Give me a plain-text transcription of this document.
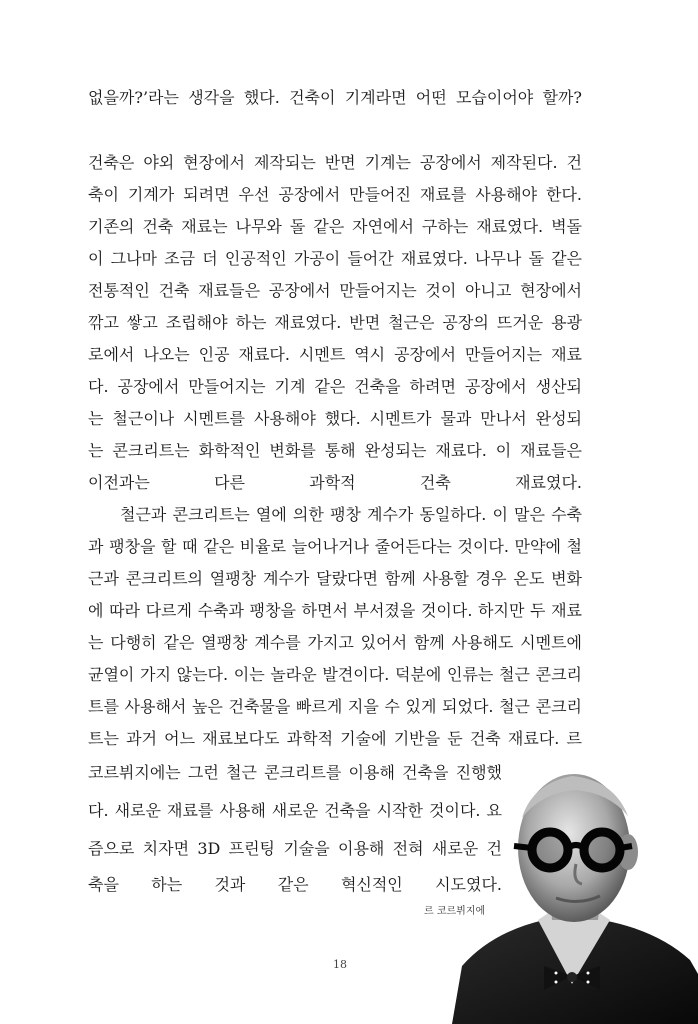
없을까?’라는 생각을 했다. 건축이 기계라면 어떤 모습이어야 할까?

건축은 야외 현장에서 제작되는 반면 기계는 공장에서 제작된다. 건

축이 기계가 되려면 우선 공장에서 만들어진 재료를 사용해야 한다.

기존의 건축 재료는 나무와 돌 같은 자연에서 구하는 재료였다. 벽돌

이 그나마 조금 더 인공적인 가공이 들어간 재료였다. 나무나 돌 같은

전통적인 건축 재료들은 공장에서 만들어지는 것이 아니고 현장에서

깎고 쌓고 조립해야 하는 재료였다. 반면 철근은 공장의 뜨거운 용광

로에서 나오는 인공 재료다. 시멘트 역시 공장에서 만들어지는 재료

다. 공장에서 만들어지는 기계 같은 건축을 하려면 공장에서 생산되

는 철근이나 시멘트를 사용해야 했다. 시멘트가 물과 만나서 완성되

는 콘크리트는 화학적인 변화를 통해 완성되는 재료다. 이 재료들은

이전과는 다른 과학적 건축 재료였다.

철근과 콘크리트는 열에 의한 팽창 계수가 동일하다. 이 말은 수축

과 팽창을 할 때 같은 비율로 늘어나거나 줄어든다는 것이다. 만약에 철

근과 콘크리트의 열팽창 계수가 달랐다면 함께 사용할 경우 온도 변화

에 따라 다르게 수축과 팽창을 하면서 부서졌을 것이다. 하지만 두 재료

는 다행히 같은 열팽창 계수를 가지고 있어서 함께 사용해도 시멘트에

균열이 가지 않는다. 이는 놀라운 발견이다. 덕분에 인류는 철근 콘크리

트를 사용해서 높은 건축물을 빠르게 지을 수 있게 되었다. 철근 콘크리

트는 과거 어느 재료보다도 과학적 기술에 기반을 둔 건축 재료다. 르

코르뷔지에는 그런 철근 콘크리트를 이용해 건축을 진행했

다. 새로운 재료를 사용해 새로운 건축을 시작한 것이다. 요

즘으로 치자면 3D 프린팅 기술을 이용해 전혀 새로운 건

축을 하는 것과 같은 혁신적인 시도였다.

르 코르뷔지에
18
